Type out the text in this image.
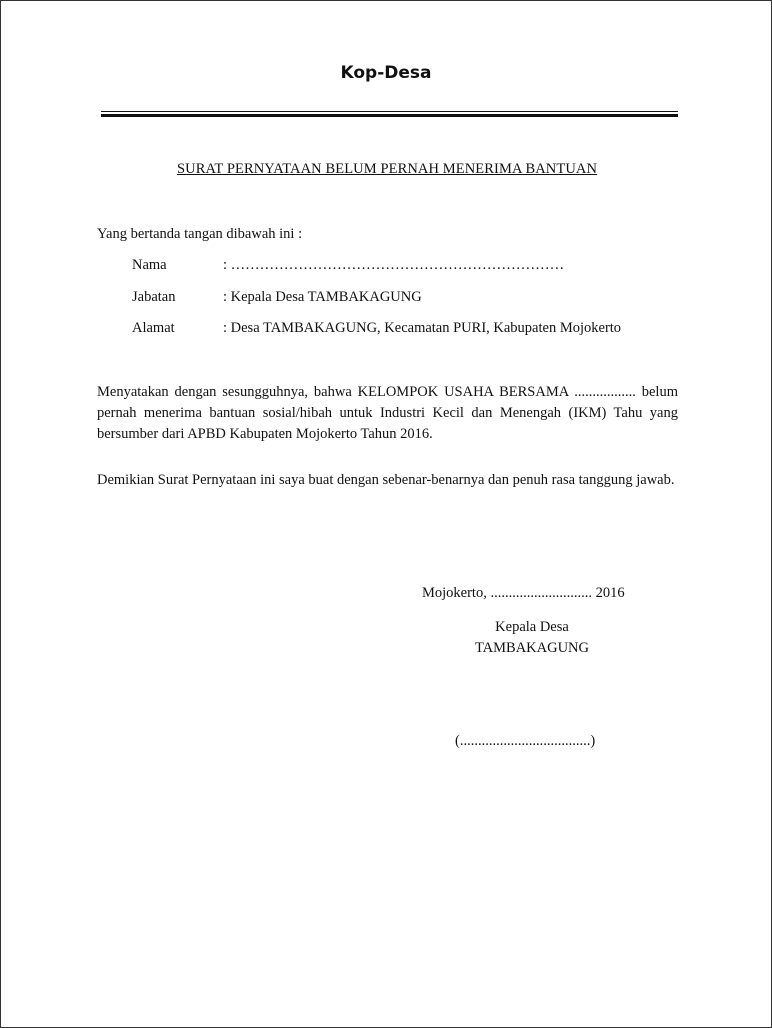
Kop-Desa
SURAT PERNYATAAN BELUM PERNAH MENERIMA BANTUAN
Yang bertanda tangan dibawah ini :
Nama	: ……………………………………………………………
Jabatan	: Kepala Desa TAMBAKAGUNG
Alamat	: Desa TAMBAKAGUNG, Kecamatan PURI, Kabupaten Mojokerto
Menyatakan dengan sesungguhnya, bahwa KELOMPOK USAHA BERSAMA ................. belum pernah menerima bantuan sosial/hibah untuk Industri Kecil dan Menengah (IKM) Tahu yang bersumber dari APBD Kabupaten Mojokerto Tahun 2016.
Demikian Surat Pernyataan ini saya buat dengan sebenar-benarnya dan penuh rasa tanggung jawab.
Mojokerto, ............................ 2016
Kepala Desa
TAMBAKAGUNG
(....................................)
